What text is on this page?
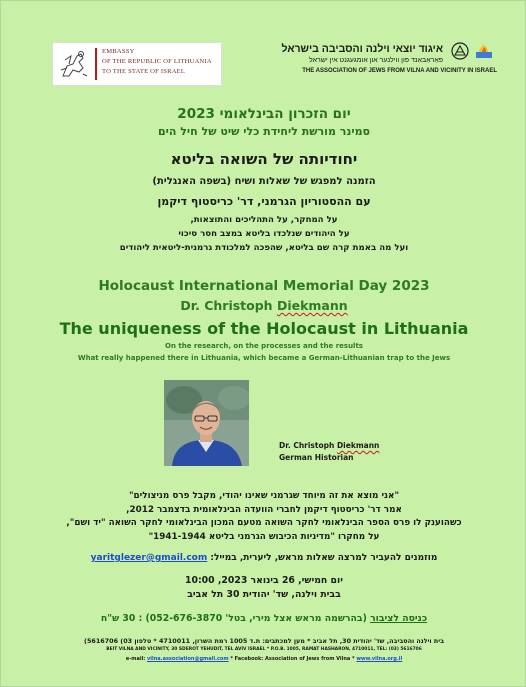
EMBASSY
OF THE REPUBLIC OF LITHUANIA
TO THE STATE OF ISRAEL
איגוד יוצאי וילנה והסביבה בישראל
פאַראַבאַנד פון ווילנער און אומגעגנט אין ישׂראל
THE ASSOCIATION OF JEWS FROM VILNA AND VICINITY IN ISRAEL
יום הזכרון הבינלאומי 2023
סמינר מורשת ליחידת כלי שיט של חיל הים
יחודיותה של השואה בליטא
הזמנה למפגש של שאלות ושיח (בשפה האנגלית)
עם ההסטוריון הגרמני, דר' כריסטוף דיקמן
על המחקר, על התהליכים והתוצאות,
על היהודים שנלכדו בליטא במצב חסר סיכוי
ועל מה באמת קרה שם בליטא, שהפכה למלכודת גרמנית-ליטאית ליהודים
Holocaust International Memorial Day 2023
Dr. Christoph Diekmann
The uniqueness of the Holocaust in Lithuania
On the research, on the processes and the results
What really happened there in Lithuania, which became a German-Lithuanian trap to the Jews
Dr. Christoph Diekmann
German Historian
"אני מוצא את זה מיוחד שגרמני שאינו יהודי, מקבל פרס מניצולים"
אמר דר' כריסטוף דיקמן לחברי הוועדה הבינלאומית בדצמבר 2012,
כשהוענק לו פרס הספר הבינלאומי לחקר השואה מטעם המכון הבינלאומי לחקר השואה "יד ושם",
על מחקרו "מדיניות הכיבוש הגרמני בליטא 1941-1944"
yaritglezer@gmail.com מוזמנים להעביר למרצה שאלות מראש, ליערית, במייל:
יום חמישי, 26 בינואר 2023, 10:00
בבית וילנה, שד' יהודית 30 תל אביב
כניסה לציבור (בהרשמה מראש אצל מירי, בטל' 052-676-3870) : 30 ש"ח
בית וילנה והסביבה, שד' יהודית 30, תל אביב * מען למכתבים: ת.ד 1005 רמת השרון, 4710011 * טלפון 03) 5616706)
BEIT VILNA AND VICINITY, 30 SDEROT YEHUDIT, TEL AVIV ISRAEL * P.O.B. 1005, RAMAT HASHARON, 4710011, TEL: (03) 5616706
e-mail: vilna.association@gmail.com * Facebook: Association of Jews from Vilna * www.vilna.org.il
